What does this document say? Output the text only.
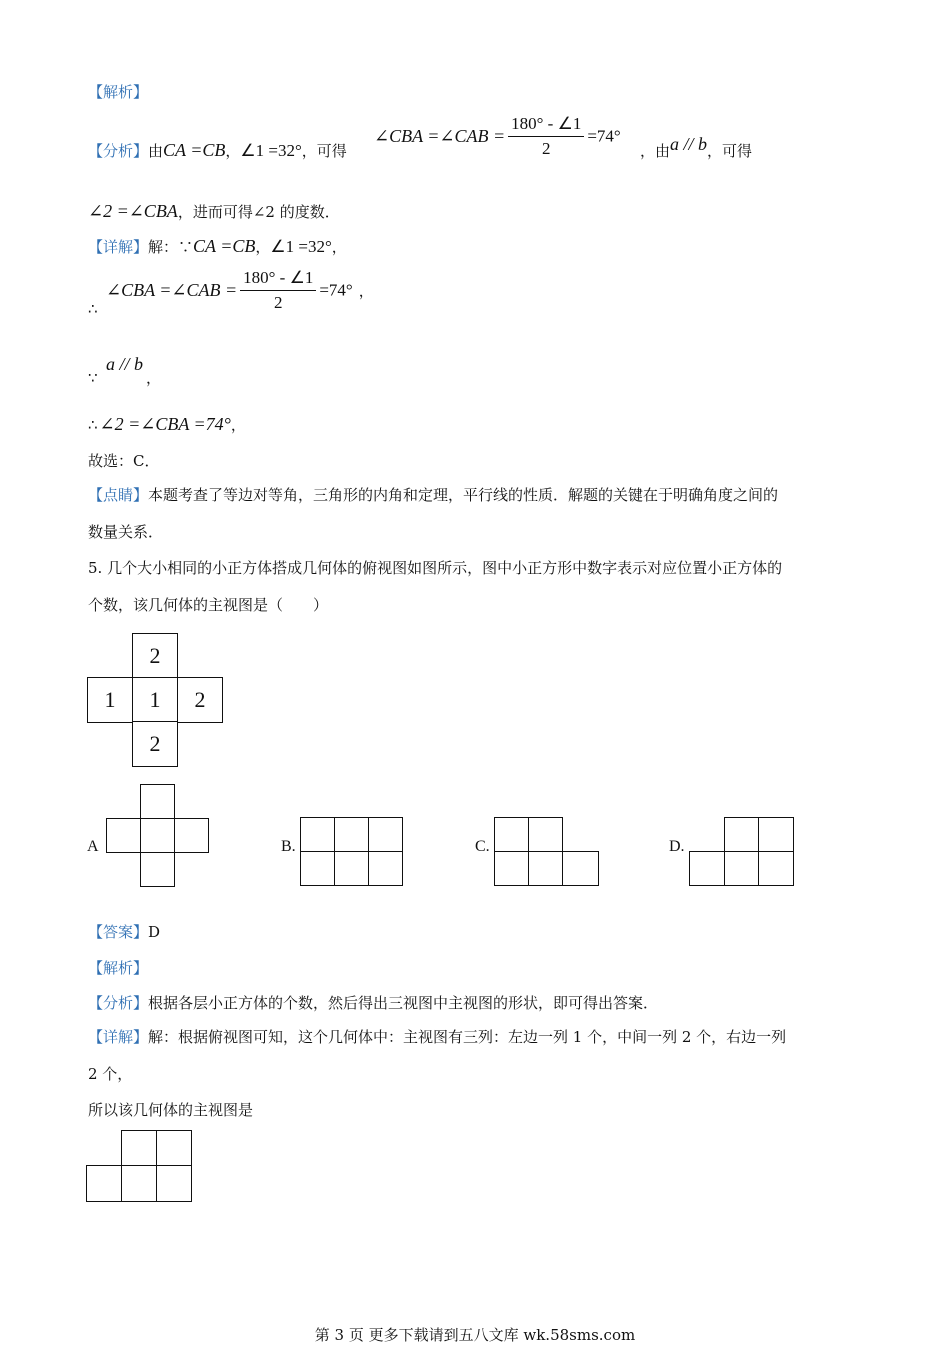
【解析】
【分析】由CA =CB，∠1 =32°，可得
∠CBA =∠CAB = $\frac{180^\circ - \angle 1}{2} =74^\circ$
，由a // b，可得
∠2 =∠CBA，进而可得∠2 的度数．
【详解】解：∵CA =CB，∠1 =32°，
∴
∠CBA =∠CAB = $\frac{180^\circ - \angle 1}{2} =74^\circ$ ，
∵
a // b
，
∴ ∠2 =∠CBA =74°，
故选：C．
【点睛】本题考查了等边对等角，三角形的内角和定理，平行线的性质．解题的关键在于明确角度之间的
数量关系．
5. 几个大小相同的小正方体搭成几何体的俯视图如图所示，图中小正方形中数字表示对应位置小正方体的
个数，该几何体的主视图是（　　）
2
1	1	2
2
A	B.	C.	D.
【答案】D
【解析】
【分析】根据各层小正方体的个数，然后得出三视图中主视图的形状，即可得出答案．
【详解】解：根据俯视图可知，这个几何体中：主视图有三列：左边一列 1 个，中间一列 2 个，右边一列
2 个，
所以该几何体的主视图是
第 3 页 更多下载请到五八文库 wk.58sms.com
